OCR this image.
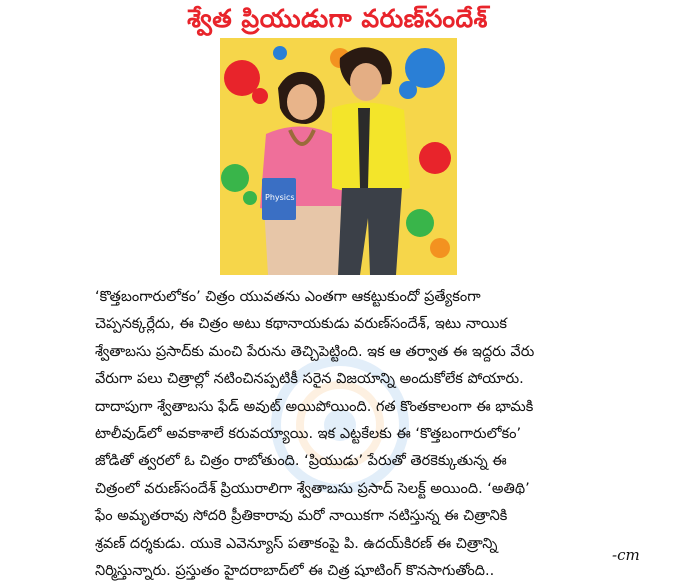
శ్వేత ప్రియుడుగా వరుణ్‌సందేశ్
Physics
‘కొత్తబంగారులోకం’ చిత్రం యువతను ఎంతగా ఆకట్టుకుందో ప్రత్యేకంగా
చెప్పనక్కర్లేదు, ఈ చిత్రం అటు కథానాయకుడు వరుణ్‌సందేశ్, ఇటు నాయిక
శ్వేతాబసు ప్రసాద్‌కు మంచి పేరును తెచ్చిపెట్టింది. ఇక ఆ తర్వాత ఈ ఇద్దరు వేరు
వేరుగా పలు చిత్రాల్లో నటించినప్పటికీ సరైన విజయాన్ని అందుకోలేక పోయారు.
దాదాపుగా శ్వేతాబసు ఫేడ్ అవుట్ అయిపోయింది. గత కొంతకాలంగా ఈ భామకి
టాలీవుడ్‌లో అవకాశాలే కరువయ్యాయి. ఇక ఎట్టకేలకు ఈ ‘కొత్తబంగారులోకం’
జోడితో త్వరలో ఓ చిత్రం రాబోతుంది. ‘ప్రియుడు’ పేరుతో తెరకెక్కుతున్న ఈ
చిత్రంలో వరుణ్‌సందేశ్ ప్రియురాలిగా శ్వేతాబసు ప్రసాద్ సెలక్ట్ అయింది. ‘అతిథి’
ఫేం అమృతరావు సోదరి ప్రీతికారావు మరో నాయికగా నటిస్తున్న ఈ చిత్రానికి
శ్రవణ్ దర్శకుడు. యుకె ఎవెన్యూస్ పతాకంపై పి. ఉదయ్‌కిరణ్ ఈ చిత్రాన్ని
నిర్మిస్తున్నారు. ప్రస్తుతం హైదరాబాద్‌లో ఈ చిత్ర షూటింగ్ కొనసాగుతోంది..
-cm
